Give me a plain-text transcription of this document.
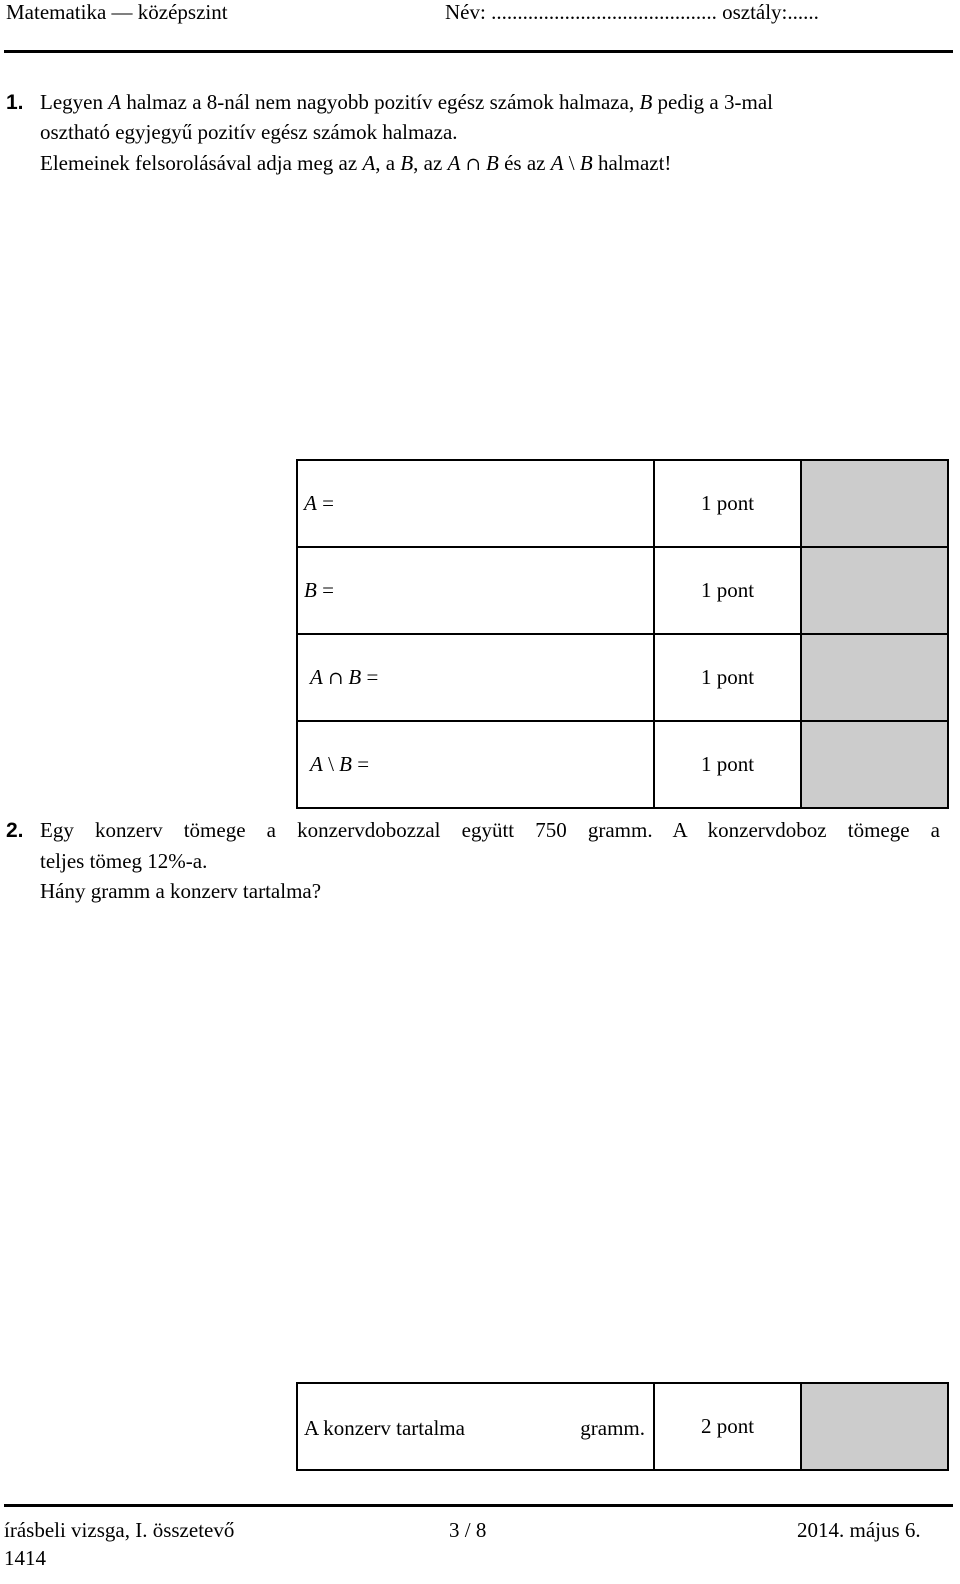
Matematika — középszint	Név: ........................................... osztály:......
1. Legyen A halmaz a 8-nál nem nagyobb pozitív egész számok halmaza, B pedig a 3-mal
osztható egyjegyű pozitív egész számok halmaza.
Elemeinek felsorolásával adja meg az A, a B, az A ∩ B és az A \ B halmazt!
A =	1 pont	
B =	1 pont	
A ∩ B =	1 pont	
A \ B =	1 pont	
2. Egy konzerv tömege a konzervdobozzal együtt 750 gramm. A konzervdoboz tömege a
teljes tömeg 12%-a.
Hány gramm a konzerv tartalma?
A konzerv tartalma	gramm.	2 pont	
írásbeli vizsga, I. összetevő
1414
3 / 8	2014. május 6.
